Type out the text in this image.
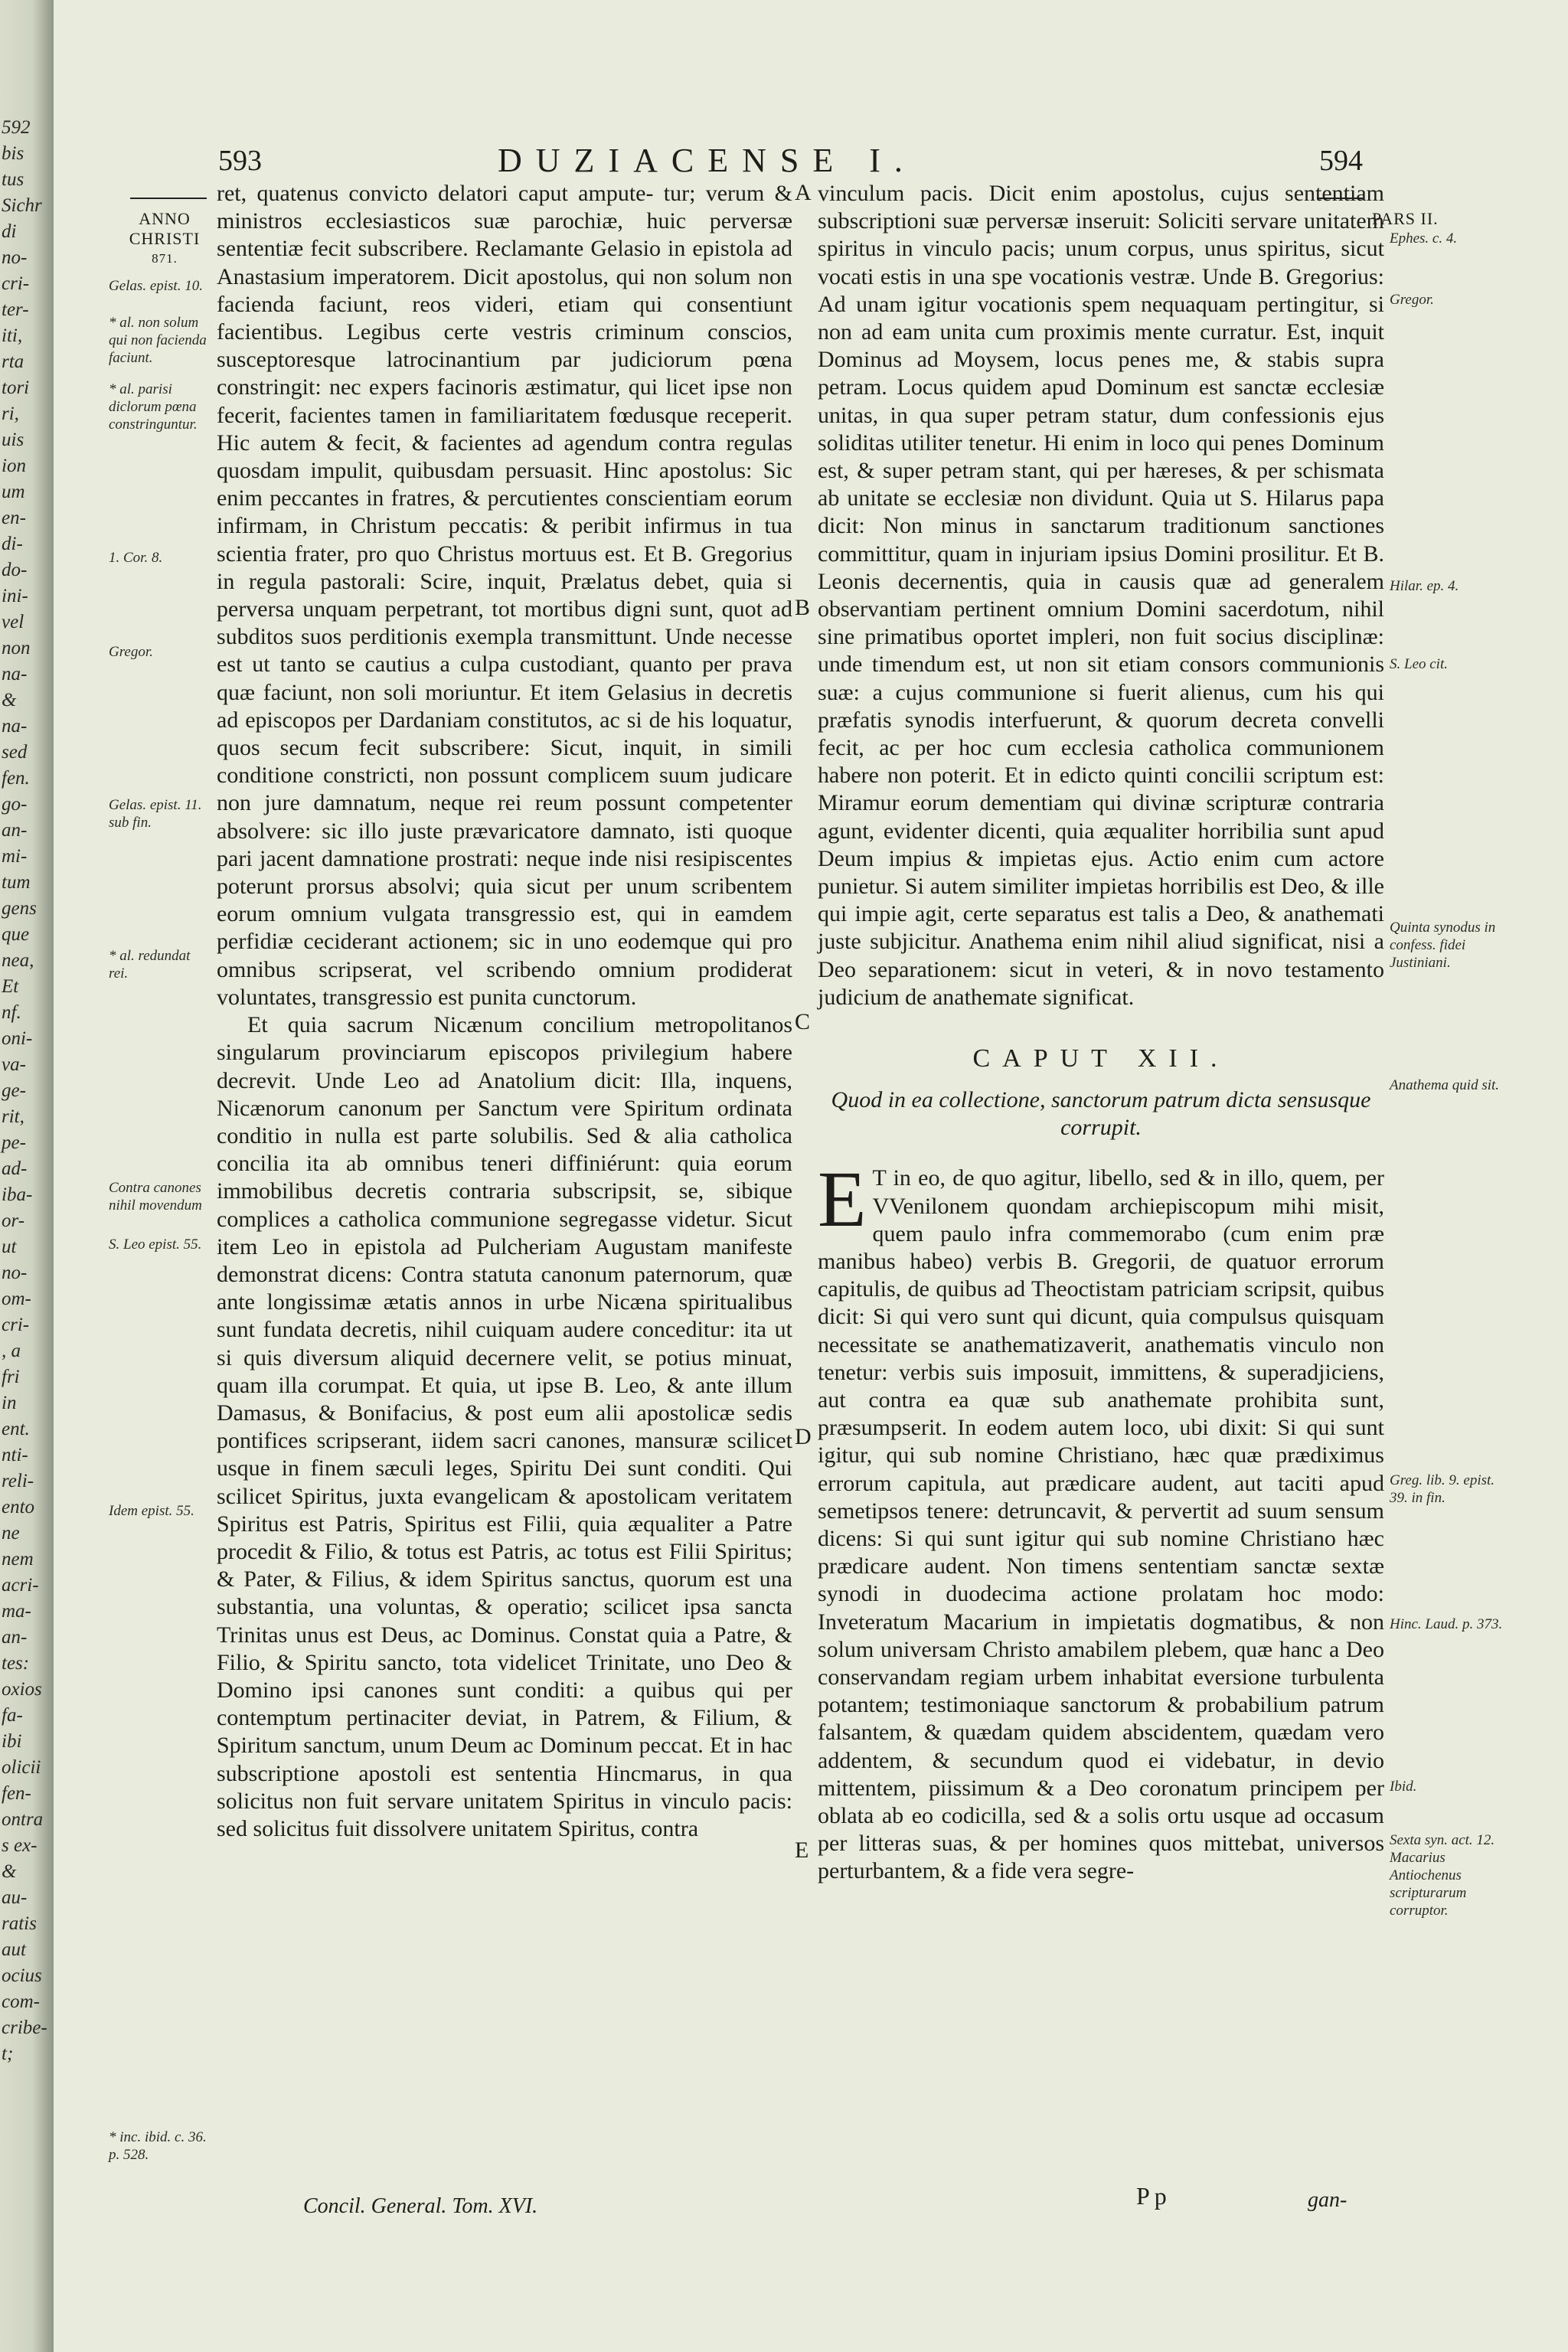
592
bis
tus
Sichr
di
no-
cri-
ter-
iti,
rta
tori
ri,
uis
ion
um
en-
di-
do-
ini-
vel
non
na-
&
na-
sed
fen.
go-
an-
mi-
tum
gens
que
nea,
Et
nf.
oni-
va-
ge-
rit,
pe-
ad-
iba-
or-
ut
no-
om-
cri-
, a
fri
in
ent.
nti-
reli-
ento
ne
nem
acri-
ma-
an-
tes:
oxios
fa-
ibi
olicii
fen-
ontra
s ex-
&
au-
ratis
aut
ocius
com-
cribe-
t;
593	DUZIACENSE I.	594
ANNO CHRISTI
871.
PARS II.

ret, quatenus convicto delatori caput ampute- tur; verum & ministros ecclesiasticos suæ parochiæ, huic perversæ sententiæ fecit subscribere. Reclamante Gelasio in epistola ad Anastasium imperatorem. Dicit apostolus, qui non solum non facienda faciunt, reos videri, etiam qui consentiunt facientibus. Legibus certe vestris criminum conscios, susceptoresque latrocinantium par judiciorum pœna constringit: nec expers facinoris æstimatur, qui licet ipse non fecerit, facientes tamen in familiaritatem fœdusque receperit. Hic autem & fecit, & facientes ad agendum contra regulas quosdam impulit, quibusdam persuasit. Hinc apostolus: Sic enim peccantes in fratres, & percutientes conscientiam eorum infirmam, in Christum peccatis: & peribit infirmus in tua scientia frater, pro quo Christus mortuus est. Et B. Gregorius in regula pastorali: Scire, inquit, Prælatus debet, quia si perversa unquam perpetrant, tot mortibus digni sunt, quot ad subditos suos perditionis exempla transmittunt. Unde necesse est ut tanto se cautius a culpa custodiant, quanto per prava quæ faciunt, non soli moriuntur. Et item Gelasius in decretis ad episcopos per Dardaniam constitutos, ac si de his loquatur, quos secum fecit subscribere: Sicut, inquit, in simili conditione constricti, non possunt complicem suum judicare non jure damnatum, neque rei reum possunt competenter absolvere: sic illo juste prævaricatore damnato, isti quoque pari jacent damnatione prostrati: neque inde nisi resipiscentes poterunt prorsus absolvi; quia sicut per unum scribentem eorum omnium vulgata transgressio est, qui in eamdem perfidiæ ceciderant actionem; sic in uno eodemque qui pro omnibus scripserat, vel scribendo omnium prodiderat voluntates, transgressio est punita cunctorum.

Et quia sacrum Nicænum concilium metropolitanos singularum provinciarum episcopos privilegium habere decrevit. Unde Leo ad Anatolium dicit: Illa, inquens, Nicænorum canonum per Sanctum vere Spiritum ordinata conditio in nulla est parte solubilis. Sed & alia catholica concilia ita ab omnibus teneri diffiniérunt: quia eorum immobilibus decretis contraria subscripsit, se, sibique complices a catholica communione segregasse videtur. Sicut item Leo in epistola ad Pulcheriam Augustam manifeste demonstrat dicens: Contra statuta canonum paternorum, quæ ante longissimæ ætatis annos in urbe Nicæna spiritualibus sunt fundata decretis, nihil cuiquam audere conceditur: ita ut si quis diversum aliquid decernere velit, se potius minuat, quam illa corumpat. Et quia, ut ipse B. Leo, & ante illum Damasus, & Bonifacius, & post eum alii apostolicæ sedis pontifices scripserant, iidem sacri canones, mansuræ scilicet usque in finem sæculi leges, Spiritu Dei sunt conditi. Qui scilicet Spiritus, juxta evangelicam & apostolicam veritatem Spiritus est Patris, Spiritus est Filii, quia æqualiter a Patre procedit & Filio, & totus est Patris, ac totus est Filii Spiritus; & Pater, & Filius, & idem Spiritus sanctus, quorum est una substantia, una voluntas, & operatio; scilicet ipsa sancta Trinitas unus est Deus, ac Dominus. Constat quia a Patre, & Filio, & Spiritu sancto, tota videlicet Trinitate, uno Deo & Domino ipsi canones sunt conditi: a quibus qui per contemptum pertinaciter deviat, in Patrem, & Filium, & Spiritum sanctum, unum Deum ac Dominum peccat. Et in hac subscriptione apostoli est sententia Hincmarus, in qua solicitus non fuit servare unitatem Spiritus in vinculo pacis: sed solicitus fuit dissolvere unitatem Spiritus, contra

vinculum pacis. Dicit enim apostolus, cujus sententiam subscriptioni suæ perversæ inseruit: Soliciti servare unitatem spiritus in vinculo pacis; unum corpus, unus spiritus, sicut vocati estis in una spe vocationis vestræ. Unde B. Gregorius: Ad unam igitur vocationis spem nequaquam pertingitur, si non ad eam unita cum proximis mente curratur. Est, inquit Dominus ad Moysem, locus penes me, & stabis supra petram. Locus quidem apud Dominum est sanctæ ecclesiæ unitas, in qua super petram statur, dum confessionis ejus soliditas utiliter tenetur. Hi enim in loco qui penes Dominum est, & super petram stant, qui per hæreses, & per schismata ab unitate se ecclesiæ non dividunt. Quia ut S. Hilarus papa dicit: Non minus in sanctarum traditionum sanctiones committitur, quam in injuriam ipsius Domini prosilitur. Et B. Leonis decernentis, quia in causis quæ ad generalem observantiam pertinent omnium Domini sacerdotum, nihil sine primatibus oportet impleri, non fuit socius disciplinæ: unde timendum est, ut non sit etiam consors communionis suæ: a cujus communione si fuerit alienus, cum his qui præfatis synodis interfuerunt, & quorum decreta convelli fecit, ac per hoc cum ecclesia catholica communionem habere non poterit. Et in edicto quinti concilii scriptum est: Miramur eorum dementiam qui divinæ scripturæ contraria agunt, evidenter dicenti, quia æqualiter horribilia sunt apud Deum impius & impietas ejus. Actio enim cum actore punietur. Si autem similiter impietas horribilis est Deo, & ille qui impie agit, certe separatus est talis a Deo, & anathemati juste subjicitur. Anathema enim nihil aliud significat, nisi a Deo separationem: sicut in veteri, & in novo testamento judicium de anathemate significat.

CAPUT XII.
Quod in ea collectione, sanctorum patrum dicta sensusque corrupit.

E T in eo, de quo agitur, libello, sed & in illo, quem, per VVenilonem quondam archiepiscopum mihi misit, quem paulo infra commemorabo (cum enim præ manibus habeo) verbis B. Gregorii, de quatuor errorum capitulis, de quibus ad Theoctistam patriciam scripsit, quibus dicit: Si qui vero sunt qui dicunt, quia compulsus quisquam necessitate se anathematizaverit, anathematis vinculo non tenetur: verbis suis imposuit, immittens, & superadjiciens, aut contra ea quæ sub anathemate prohibita sunt, præsumpserit. In eodem autem loco, ubi dixit: Si qui sunt igitur, qui sub nomine Christiano, hæc quæ prædiximus errorum capitula, aut prædicare audent, aut taciti apud semetipsos tenere: detruncavit, & pervertit ad suum sensum dicens: Si qui sunt igitur qui sub nomine Christiano hæc prædicare audent. Non timens sententiam sanctæ sextæ synodi in duodecima actione prolatam hoc modo: Inveteratum Macarium in impietatis dogmatibus, & non solum universam Christo amabilem plebem, quæ hanc a Deo conservandam regiam urbem inhabitat eversione turbulenta potantem; testimoniaque sanctorum & probabilium patrum falsantem, & quædam quidem abscidentem, quædam vero addentem, & secundum quod ei videbatur, in devio mittentem, piissimum & a Deo coronatum principem per oblata ab eo codicilla, sed & a solis ortu usque ad occasum per litteras suas, & per homines quos mittebat, universos perturbantem, & a fide vera segre-

A
B
C
D
E
Gelas. epist. 10.
* al. non solum qui non facienda faciunt.
* al. parisi diclorum pœna constringuntur.
1. Cor. 8.
Gregor.
Gelas. epist. 11. sub fin.
* al. redundat rei.
Contra canones nihil movendum
S. Leo epist. 55.
Idem epist. 55.
* inc. ibid. c. 36. p. 528.
Ephes. c. 4.
Gregor.
Hilar. ep. 4.
S. Leo cit.
Quinta synodus in confess. fidei Justiniani.
Anathema quid sit.
Greg. lib. 9. epist. 39. in fin.
Hinc. Laud. p. 373.
Ibid.
Sexta syn. act. 12. Macarius Antiochenus scripturarum corruptor.
Concil. General. Tom. XVI.	Pp	gan-
